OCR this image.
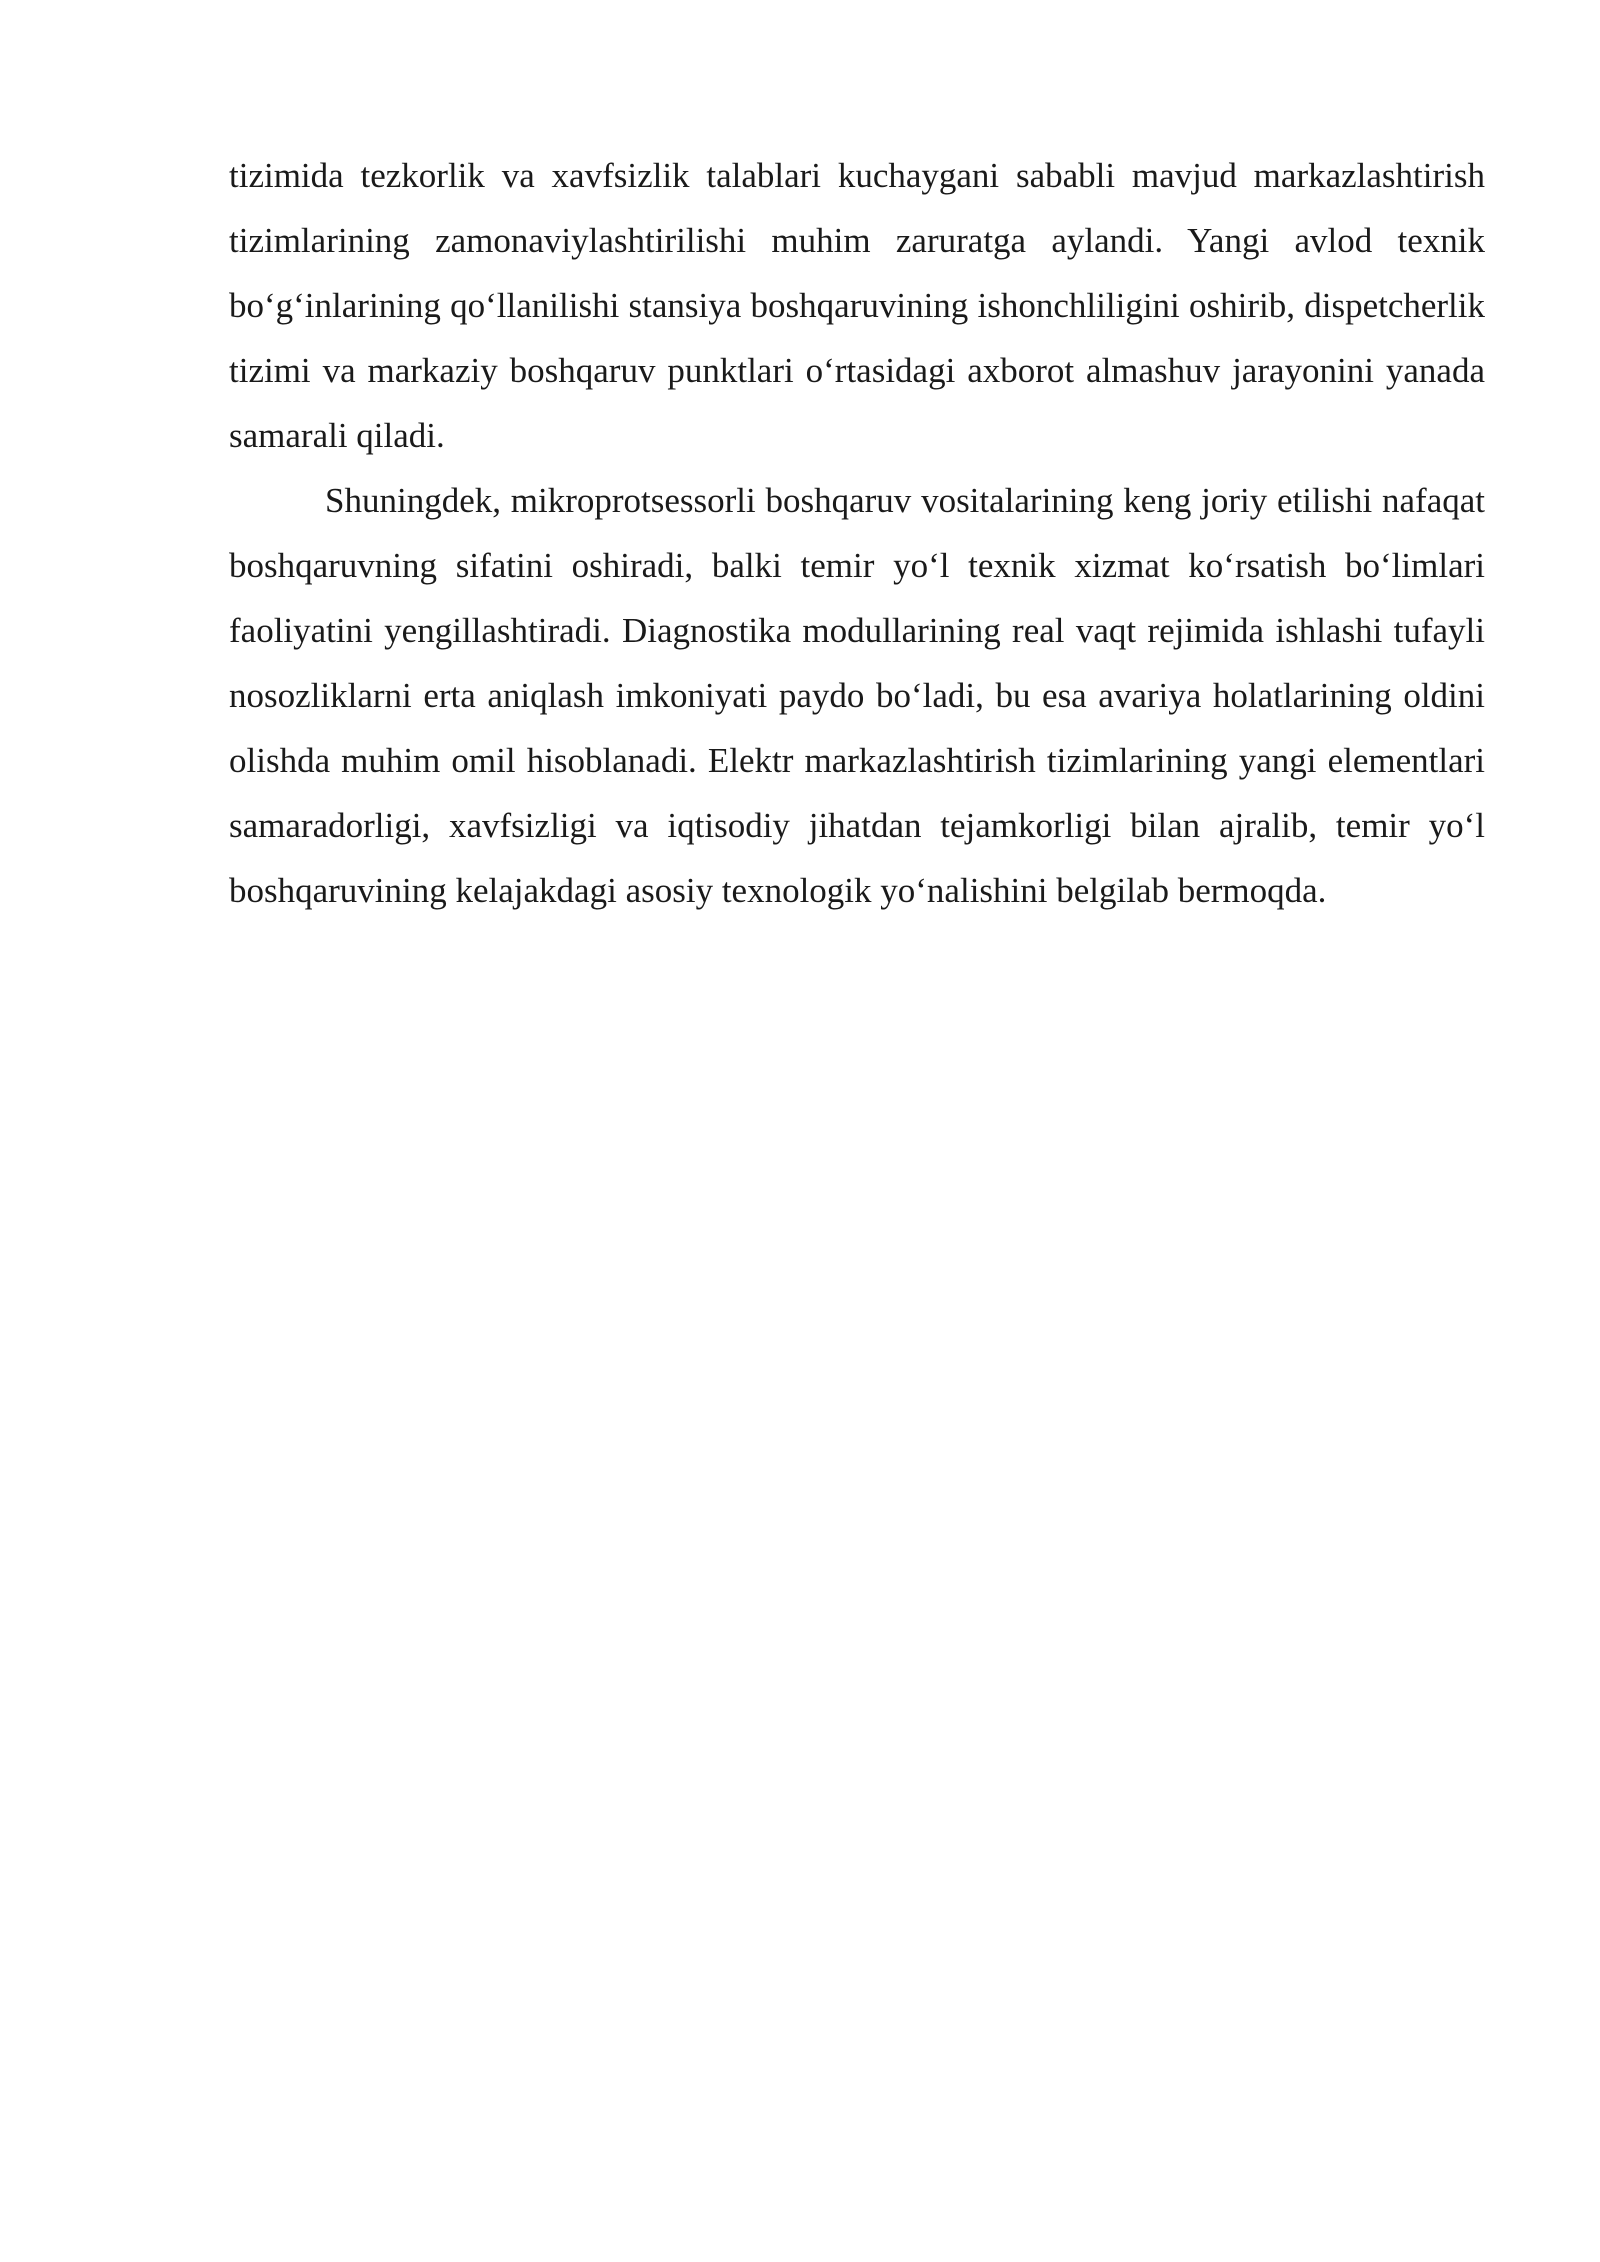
tizimida tezkorlik va xavfsizlik talablari kuchaygani sababli mavjud markazlashtirish tizimlarining zamonaviylashtirilishi muhim zaruratga aylandi. Yangi avlod texnik bo‘g‘inlarining qo‘llanilishi stansiya boshqaruvining ishonchliligini oshirib, dispetcherlik tizimi va markaziy boshqaruv punktlari o‘rtasidagi axborot almashuv jarayonini yanada samarali qiladi.

Shuningdek, mikroprotsessorli boshqaruv vositalarining keng joriy etilishi nafaqat boshqaruvning sifatini oshiradi, balki temir yo‘l texnik xizmat ko‘rsatish bo‘limlari faoliyatini yengillashtiradi. Diagnostika modullarining real vaqt rejimida ishlashi tufayli nosozliklarni erta aniqlash imkoniyati paydo bo‘ladi, bu esa avariya holatlarining oldini olishda muhim omil hisoblanadi. Elektr markazlashtirish tizimlarining yangi elementlari samaradorligi, xavfsizligi va iqtisodiy jihatdan tejamkorligi bilan ajralib, temir yo‘l boshqaruvining kelajakdagi asosiy texnologik yo‘nalishini belgilab bermoqda.
